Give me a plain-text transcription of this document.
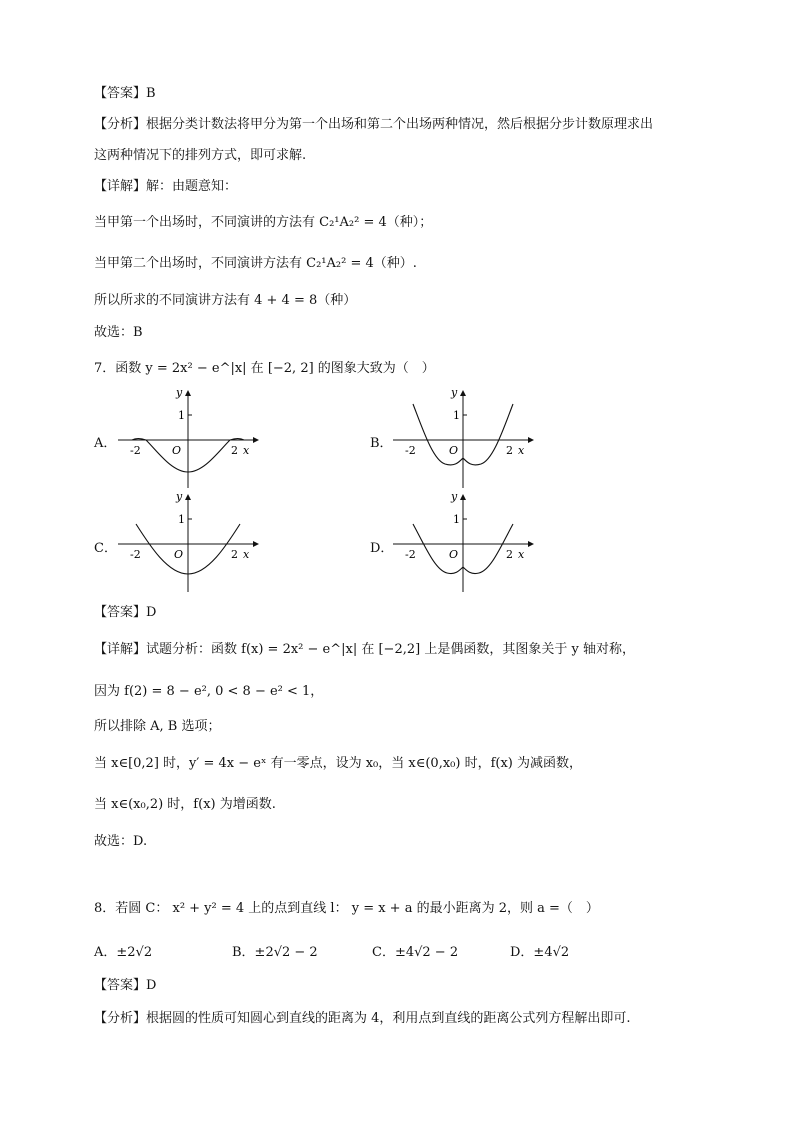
【答案】B
【分析】根据分类计数法将甲分为第一个出场和第二个出场两种情况，然后根据分步计数原理求出
这两种情况下的排列方式，即可求解.
【详解】解：由题意知：
当甲第一个出场时，不同演讲的方法有 C₂¹A₂² = 4（种）；
当甲第二个出场时，不同演讲方法有 C₂¹A₂² = 4（种）.
所以所求的不同演讲方法有 4 + 4 = 8（种）
故选：B
7．函数 y = 2x² − e^|x| 在 [−2, 2] 的图象大致为（　）
A．
y
1
O
-2	2 x	B．
y
1
O
-2	2 x
C．
y
1
O
-2	2 x	D．
y
1
O
-2	2 x
【答案】D
【详解】试题分析：函数 f(x) = 2x² − e^|x| 在 [−2,2] 上是偶函数，其图象关于 y 轴对称，
因为 f(2) = 8 − e², 0 < 8 − e² < 1，
所以排除 A, B 选项；
当 x∈[0,2] 时，y′ = 4x − eˣ 有一零点，设为 x₀，当 x∈(0,x₀) 时，f(x) 为减函数，
当 x∈(x₀,2) 时，f(x) 为增函数.
故选：D.
8．若圆 C： x² + y² = 4 上的点到直线 l： y = x + a 的最小距离为 2，则 a =（　）
A．±2√2	B．±2√2 − 2	C．±4√2 − 2	D．±4√2
【答案】D
【分析】根据圆的性质可知圆心到直线的距离为 4，利用点到直线的距离公式列方程解出即可.
